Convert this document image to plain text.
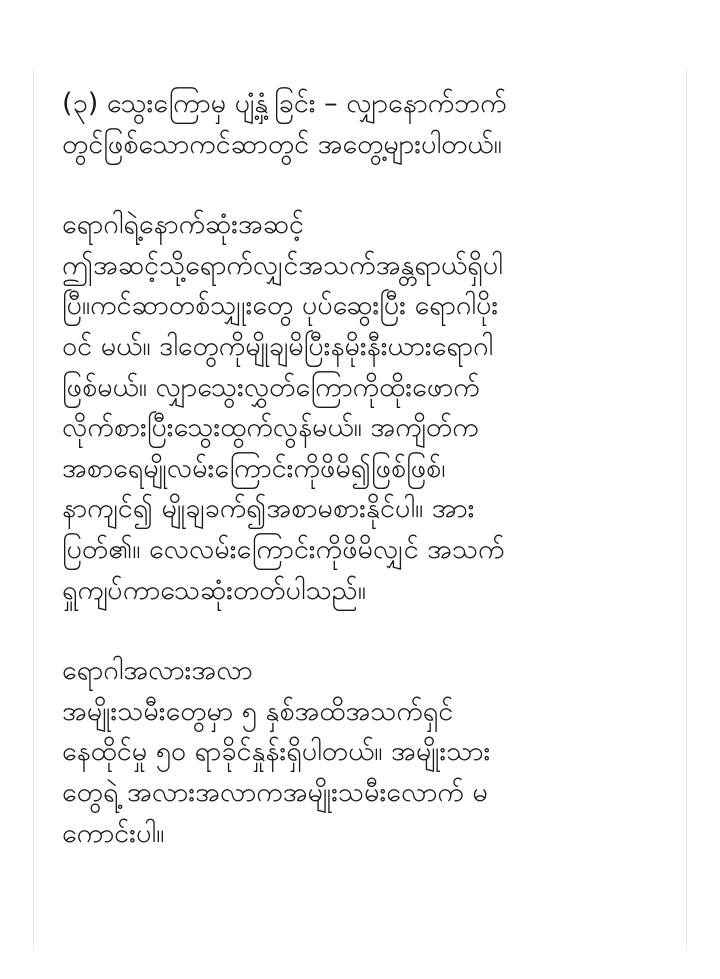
(၃) သွေးကြောမှ ပျံ့နှံ့ခြင်း – လျှာနောက်ဘက်
တွင်ဖြစ်သောကင်ဆာတွင် အတွေ့များပါတယ်။

ရောဂါရဲ့နောက်ဆုံးအဆင့်
ဤအဆင့်သို့ရောက်လျှင်အသက်အန္တရာယ်ရှိပါ
ပြီ။ကင်ဆာတစ်သျှုးတွေ ပုပ်ဆွေးပြီး ရောဂါပိုး
ဝင် မယ်။ ဒါတွေကိုမျိုချမိပြီးနမိုးနီးယားရောဂါ
ဖြစ်မယ်။ လျှာသွေးလွှတ်ကြောကိုထိုးဖောက်
လိုက်စားပြီးသွေးထွက်လွန်မယ်။ အကျိတ်က
အစာရေမျိုလမ်းကြောင်းကိုဖိမိ၍ဖြစ်ဖြစ်၊
နာကျင်၍ မျိုချခက်၍အစာမစားနိုင်ပါ။ အား
ပြတ်၏။ လေလမ်းကြောင်းကိုဖိမိလျှင် အသက်
ရှူကျပ်ကာသေဆုံးတတ်ပါသည်။

ရောဂါအလားအလာ
အမျိုးသမီးတွေမှာ ၅ နှစ်အထိအသက်ရှင်
နေထိုင်မှု ၅၀ ရာခိုင်နှုန်းရှိပါတယ်။ အမျိုးသား
တွေရဲ့ အလားအလာကအမျိုးသမီးလောက် မ
ကောင်းပါ။
